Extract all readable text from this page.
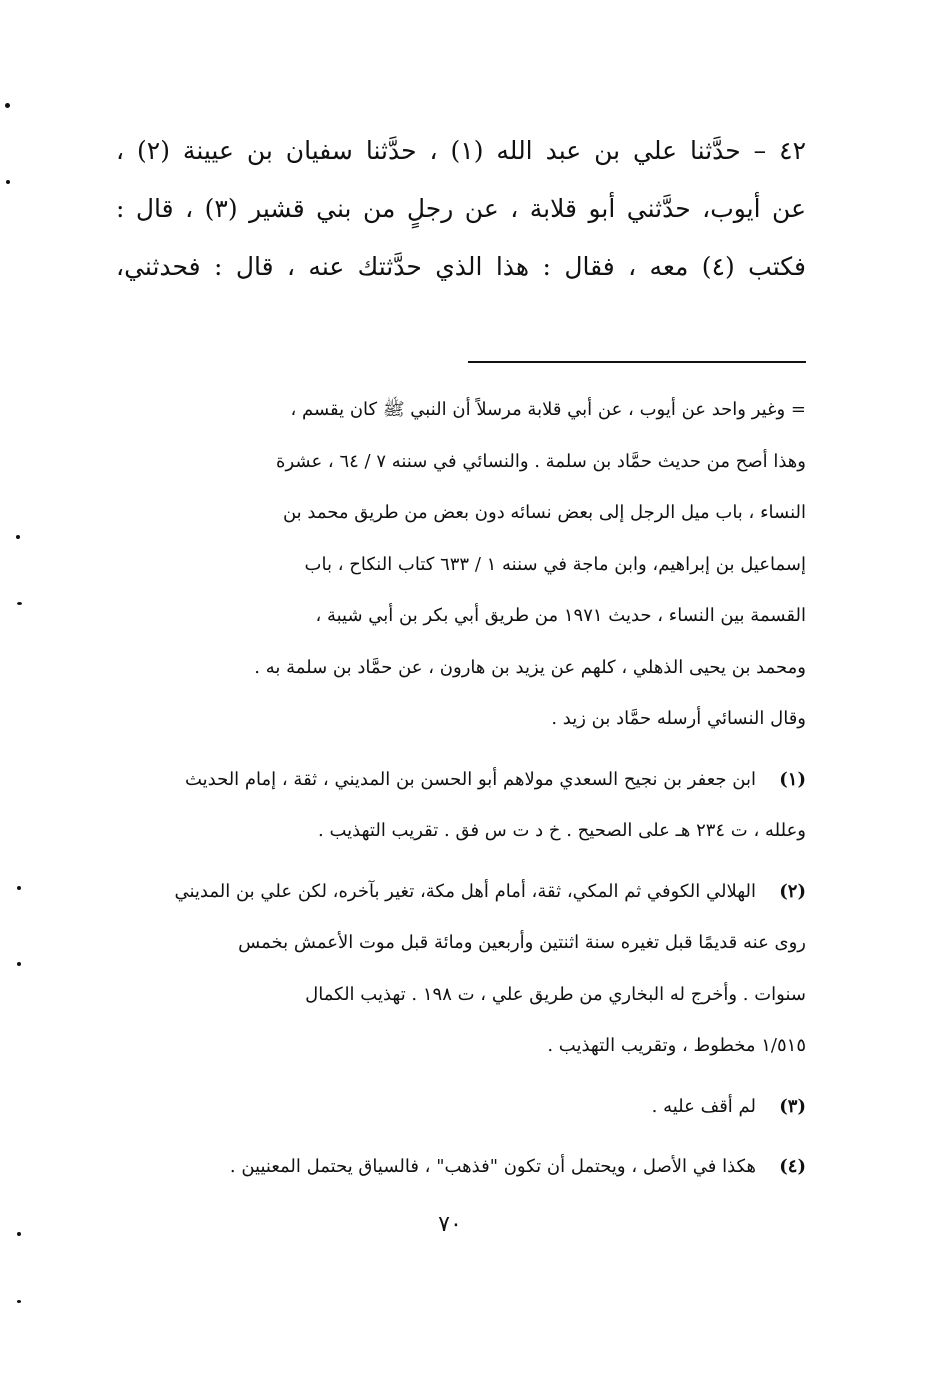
٤٢ – حدَّثنا علي بن عبد الله (١) ، حدَّثنا سفيان بن عيينة (٢) ،

عن أيوب، حدَّثني أبو قلابة ، عن رجلٍ من بني قشير (٣) ، قال :

فكتب (٤) معه ، فقال : هذا الذي حدَّثتك عنه ، قال : فحدثني،

= وغير واحد عن أيوب ، عن أبي قلابة مرسلاً أن النبي ﷺ كان يقسم ،
وهذا أصح من حديث حمَّاد بن سلمة . والنسائي في سننه ٧ / ٦٤ ، عشرة
النساء ، باب ميل الرجل إلى بعض نسائه دون بعض من طريق محمد بن
إسماعيل بن إبراهيم، وابن ماجة في سننه ١ / ٦٣٣ كتاب النكاح ، باب
القسمة بين النساء ، حديث ١٩٧١ من طريق أبي بكر بن أبي شيبة ،
ومحمد بن يحيى الذهلي ، كلهم عن يزيد بن هارون ، عن حمَّاد بن سلمة به .
وقال النسائي أرسله حمَّاد بن زيد .
(١)ابن جعفر بن نجيح السعدي مولاهم أبو الحسن بن المديني ، ثقة ، إمام الحديث
وعلله ، ت ٢٣٤ هـ على الصحيح . خ د ت س فق . تقريب التهذيب .
(٢)الهلالي الكوفي ثم المكي، ثقة، أمام أهل مكة، تغير بآخره، لكن علي بن المديني
روى عنه قديمًا قبل تغيره سنة اثنتين وأربعين ومائة قبل موت الأعمش بخمس
سنوات . وأخرج له البخاري من طريق علي ، ت ١٩٨ . تهذيب الكمال
١/٥١٥ مخطوط ، وتقريب التهذيب .
(٣)لم أقف عليه .
(٤)هكذا في الأصل ، ويحتمل أن تكون "فذهب" ، فالسياق يحتمل المعنيين .
٧٠
